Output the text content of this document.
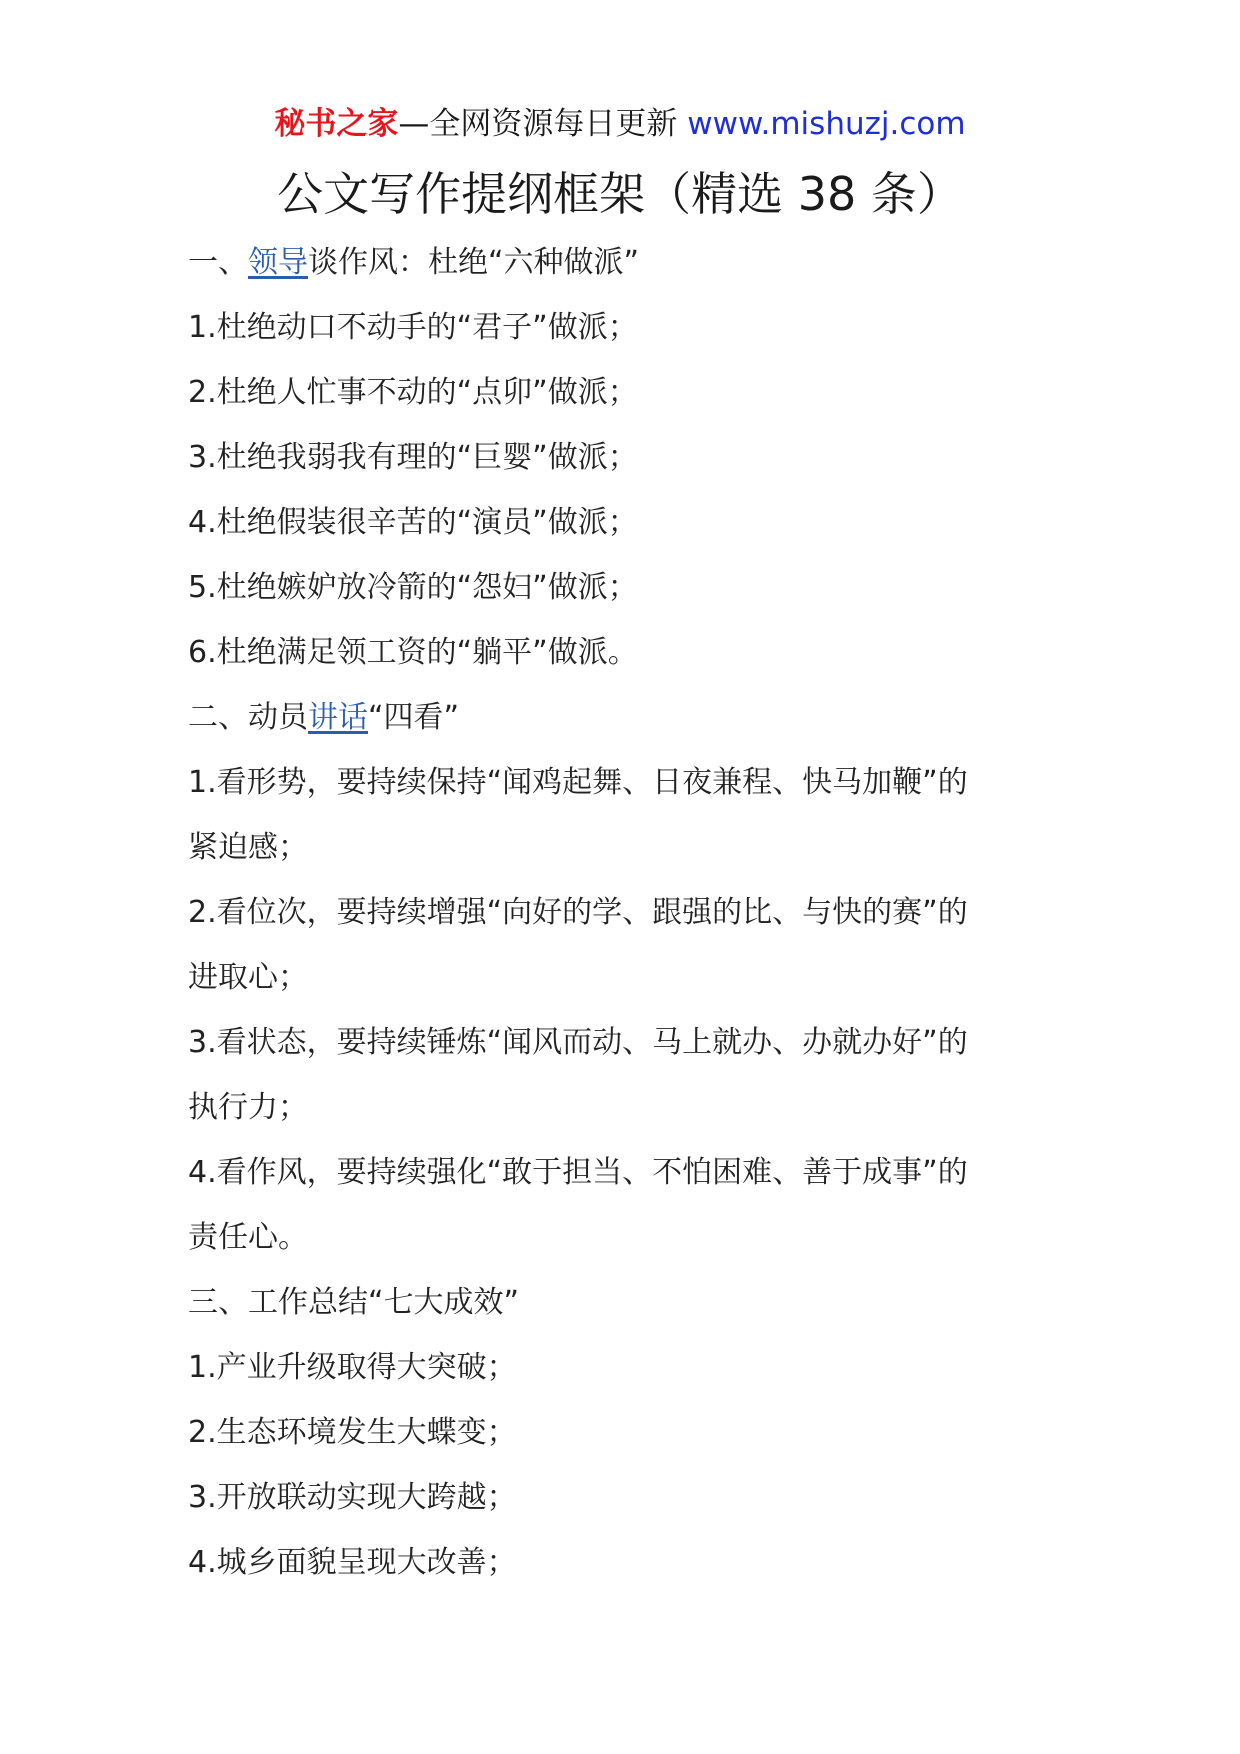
秘书之家—全网资源每日更新 www.mishuzj.com
公文写作提纲框架（精选 38 条）
一、领导谈作风：杜绝“六种做派”
1.杜绝动口不动手的“君子”做派；
2.杜绝人忙事不动的“点卯”做派；
3.杜绝我弱我有理的“巨婴”做派；
4.杜绝假装很辛苦的“演员”做派；
5.杜绝嫉妒放冷箭的“怨妇”做派；
6.杜绝满足领工资的“躺平”做派。
二、动员讲话“四看”
1.看形势，要持续保持“闻鸡起舞、日夜兼程、快马加鞭”的
紧迫感；
2.看位次，要持续增强“向好的学、跟强的比、与快的赛”的
进取心；
3.看状态，要持续锤炼“闻风而动、马上就办、办就办好”的
执行力；
4.看作风，要持续强化“敢于担当、不怕困难、善于成事”的
责任心。
三、工作总结“七大成效”
1.产业升级取得大突破；
2.生态环境发生大蝶变；
3.开放联动实现大跨越；
4.城乡面貌呈现大改善；
